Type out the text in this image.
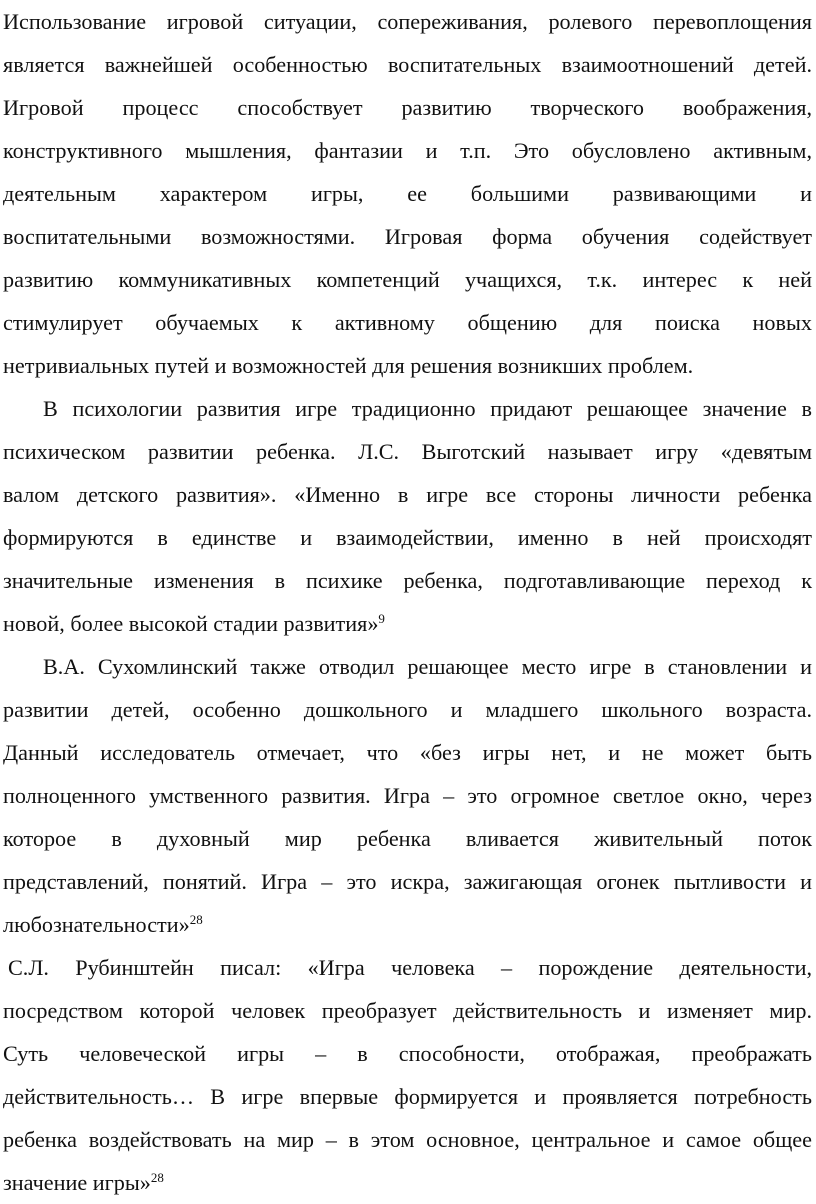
Использование игровой ситуации, сопереживания, ролевого перевоплощения
является важнейшей особенностью воспитательных взаимоотношений детей.
Игровой процесс способствует развитию творческого воображения,
конструктивного мышления, фантазии и т.п. Это обусловлено активным,
деятельным характером игры, ее большими развивающими и
воспитательными возможностями. Игровая форма обучения содействует
развитию коммуникативных компетенций учащихся, т.к. интерес к ней
стимулирует обучаемых к активному общению для поиска новых
нетривиальных путей и возможностей для решения возникших проблем.

В психологии развития игре традиционно придают решающее значение в
психическом развитии ребенка. Л.С. Выготский называет игру «девятым
валом детского развития». «Именно в игре все стороны личности ребенка
формируются в единстве и взаимодействии, именно в ней происходят
значительные изменения в психике ребенка, подготавливающие переход к
новой, более высокой стадии развития»$^9$

В.А. Сухомлинский также отводил решающее место игре в становлении и
развитии детей, особенно дошкольного и младшего школьного возраста.
Данный исследователь отмечает, что «без игры нет, и не может быть
полноценного умственного развития. Игра – это огромное светлое окно, через
которое в духовный мир ребенка вливается живительный поток
представлений, понятий. Игра – это искра, зажигающая огонек пытливости и
любознательности»$^{28}$

С.Л. Рубинштейн писал: «Игра человека – порождение деятельности,
посредством которой человек преобразует действительность и изменяет мир.
Суть человеческой игры – в способности, отображая, преображать
действительность… В игре впервые формируется и проявляется потребность
ребенка воздействовать на мир – в этом основное, центральное и самое общее
значение игры»$^{28}$
